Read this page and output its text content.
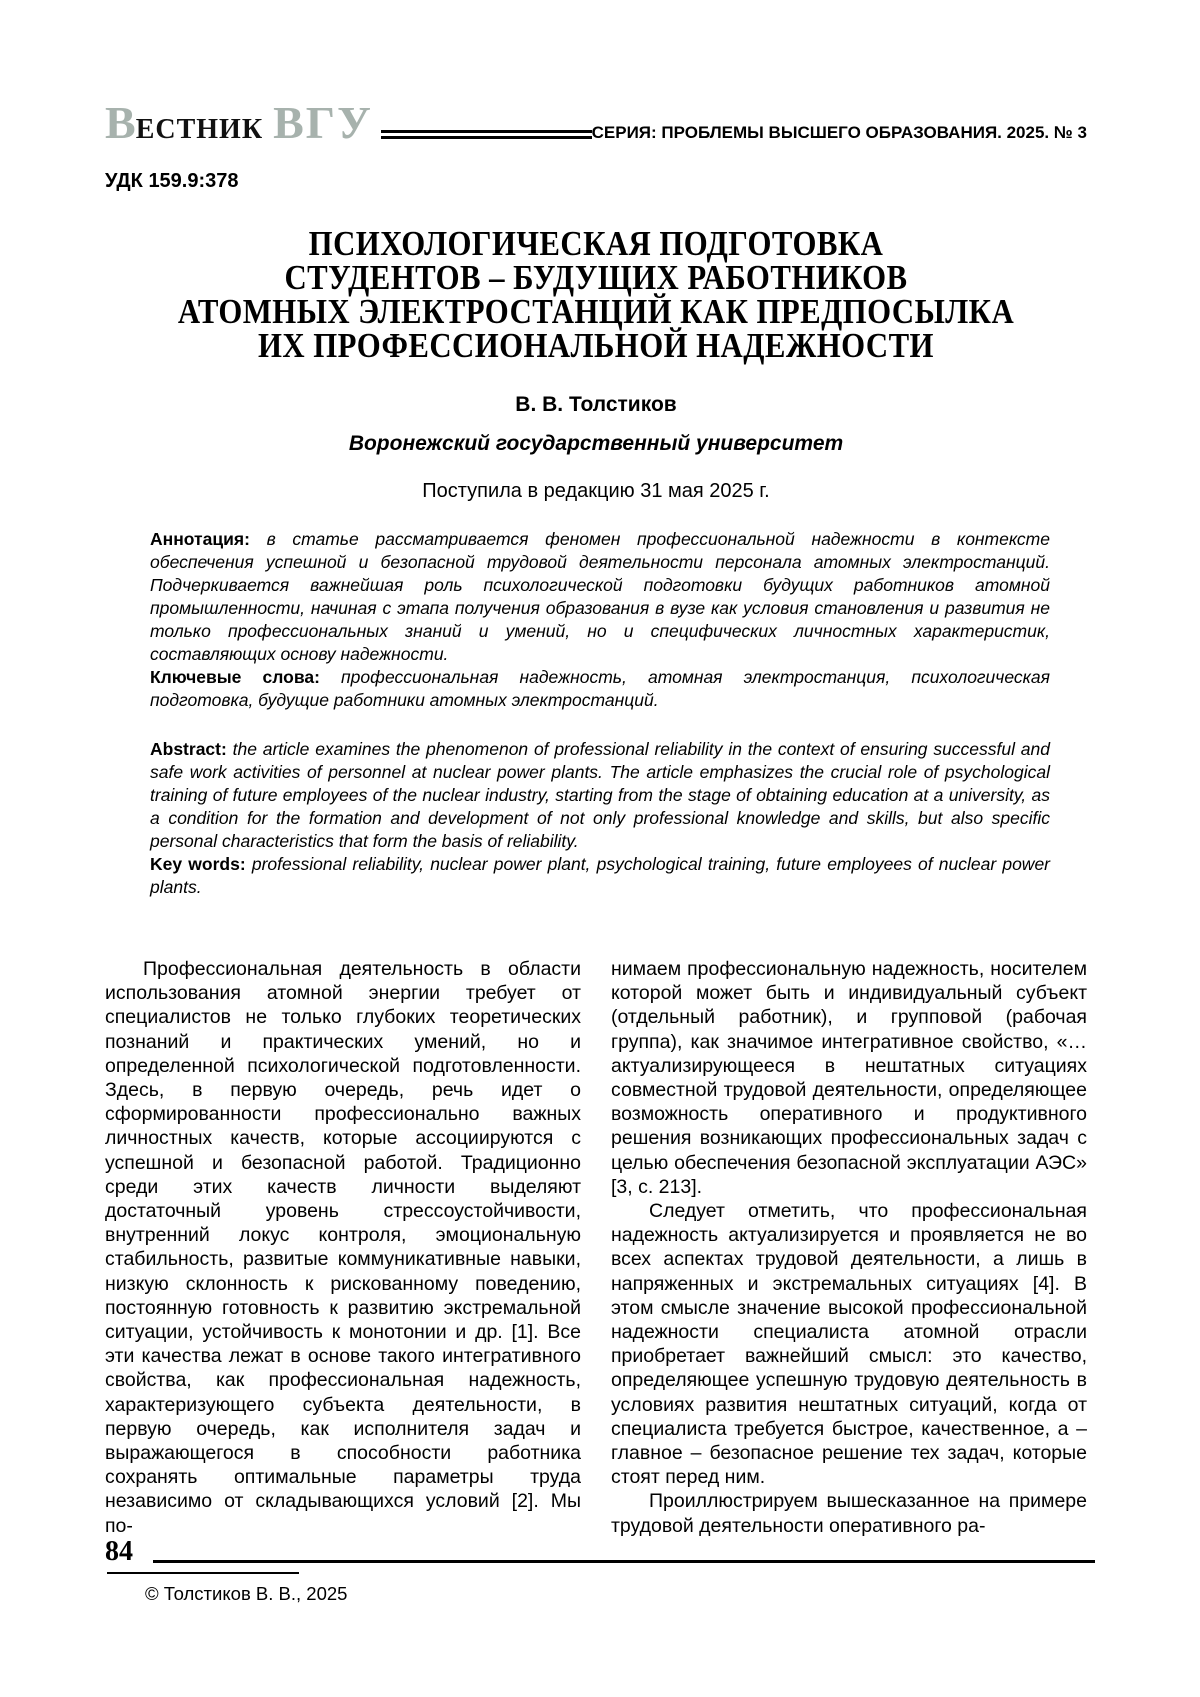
ВЕСТНИК ВГУ	СЕРИЯ: ПРОБЛЕМЫ ВЫСШЕГО ОБРАЗОВАНИЯ. 2025. № 3
УДК 159.9:378
ПСИХОЛОГИЧЕСКАЯ ПОДГОТОВКА
СТУДЕНТОВ – БУДУЩИХ РАБОТНИКОВ
АТОМНЫХ ЭЛЕКТРОСТАНЦИЙ КАК ПРЕДПОСЫЛКА
ИХ ПРОФЕССИОНАЛЬНОЙ НАДЕЖНОСТИ
В. В. Толстиков
Воронежский государственный университет
Поступила в редакцию 31 мая 2025 г.

Аннотация: в статье рассматривается феномен профессиональной надежности в контексте обеспечения успешной и безопасной трудовой деятельности персонала атомных электростанций. Подчеркивается важнейшая роль психологической подготовки будущих работников атомной промышленности, начиная с этапа получения образования в вузе как условия становления и развития не только профессиональных знаний и умений, но и специфических личностных характеристик, составляющих основу надежности.

Ключевые слова: профессиональная надежность, атомная электростанция, психологическая подготовка, будущие работники атомных электростанций.

Abstract: the article examines the phenomenon of professional reliability in the context of ensuring successful and safe work activities of personnel at nuclear power plants. The article emphasizes the crucial role of psychological training of future employees of the nuclear industry, starting from the stage of obtaining education at a university, as a condition for the formation and development of not only professional knowledge and skills, but also specific personal characteristics that form the basis of reliability.

Key words: professional reliability, nuclear power plant, psychological training, future employees of nuclear power plants.

Профессиональная деятельность в области использования атомной энергии требует от специалистов не только глубоких теоретических познаний и практических умений, но и определенной психологической подготовленности. Здесь, в первую очередь, речь идет о сформированности профессионально важных личностных качеств, которые ассоциируются с успешной и безопасной работой. Традиционно среди этих качеств личности выделяют достаточный уровень стрессоустойчивости, внутренний локус контроля, эмоциональную стабильность, развитые коммуникативные навыки, низкую склонность к рискованному поведению, постоянную готовность к развитию экстремальной ситуации, устойчивость к монотонии и др. [1]. Все эти качества лежат в основе такого интегративного свойства, как профессиональная надежность, характеризующего субъекта деятельности, в первую очередь, как исполнителя задач и выражающегося в способности работника сохранять оптимальные параметры труда независимо от складывающихся условий [2]. Мы по-

© Толстиков В. В., 2025

нимаем профессиональную надежность, носителем которой может быть и индивидуальный субъект (отдельный работник), и групповой (рабочая группа), как значимое интегративное свойство, «…актуализирующееся в нештатных ситуациях совместной трудовой деятельности, определяющее возможность оперативного и продуктивного решения возникающих профессиональных задач с целью обеспечения безопасной эксплуатации АЭС» [3, с. 213].

Следует отметить, что профессиональная надежность актуализируется и проявляется не во всех аспектах трудовой деятельности, а лишь в напряженных и экстремальных ситуациях [4]. В этом смысле значение высокой профессиональной надежности специалиста атомной отрасли приобретает важнейший смысл: это качество, определяющее успешную трудовую деятельность в условиях развития нештатных ситуаций, когда от специалиста требуется быстрое, качественное, а – главное – безопасное решение тех задач, которые стоят перед ним.

Проиллюстрируем вышесказанное на примере трудовой деятельности оперативного ра-

84
